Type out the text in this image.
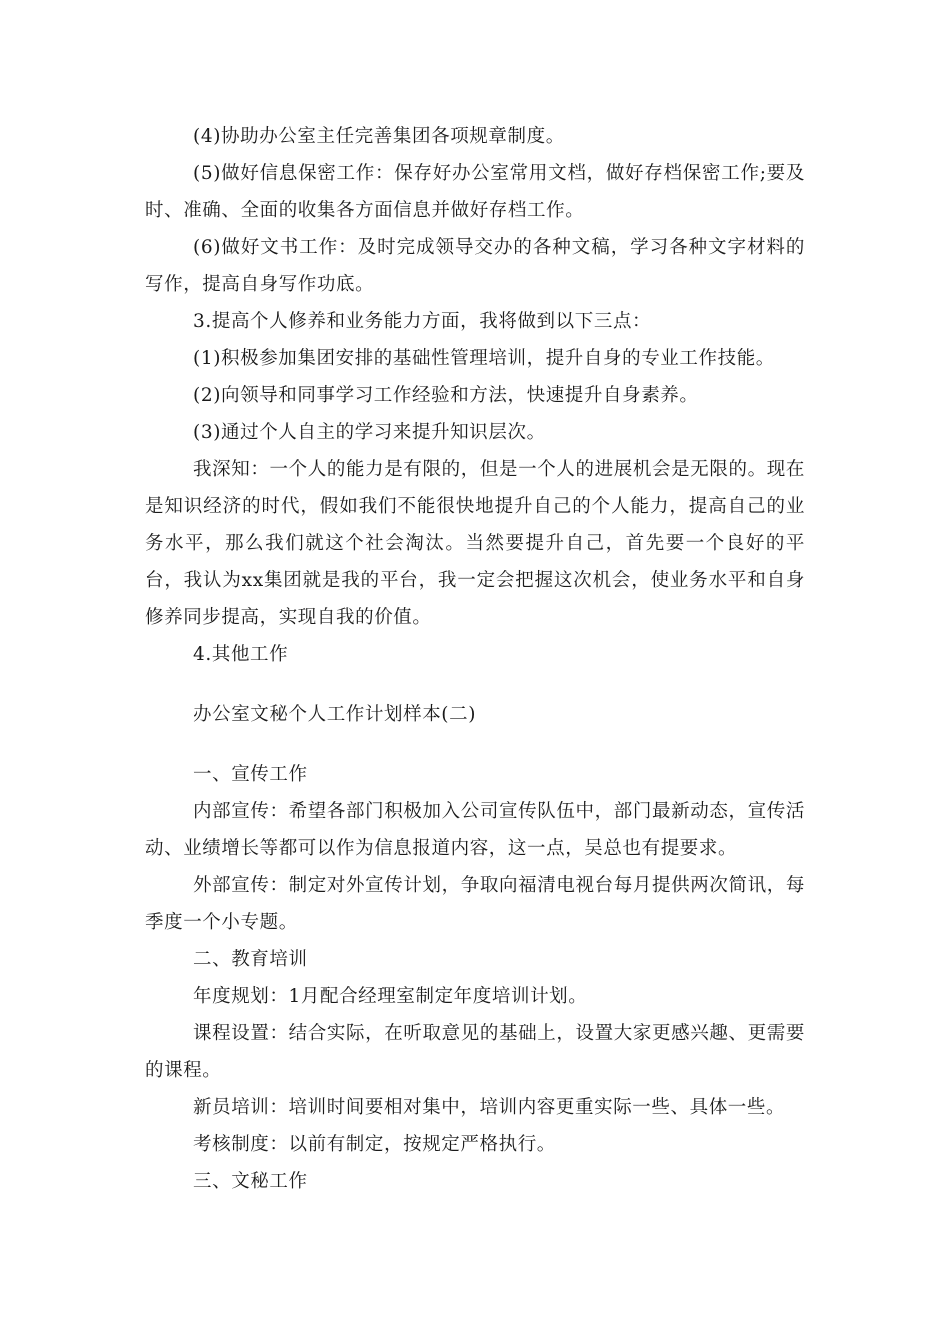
(4)协助办公室主任完善集团各项规章制度。

(5)做好信息保密工作：保存好办公室常用文档，做好存档保密工作;要及时、准确、全面的收集各方面信息并做好存档工作。

(6)做好文书工作：及时完成领导交办的各种文稿，学习各种文字材料的写作，提高自身写作功底。

3.提高个人修养和业务能力方面，我将做到以下三点：

(1)积极参加集团安排的基础性管理培训，提升自身的专业工作技能。

(2)向领导和同事学习工作经验和方法，快速提升自身素养。

(3)通过个人自主的学习来提升知识层次。

我深知：一个人的能力是有限的，但是一个人的进展机会是无限的。现在是知识经济的时代，假如我们不能很快地提升自己的个人能力，提高自己的业务水平，那么我们就这个社会淘汰。当然要提升自己，首先要一个良好的平台，我认为xx集团就是我的平台，我一定会把握这次机会，使业务水平和自身修养同步提高，实现自我的价值。

4.其他工作

办公室文秘个人工作计划样本(二)

一、宣传工作

内部宣传：希望各部门积极加入公司宣传队伍中，部门最新动态，宣传活动、业绩增长等都可以作为信息报道内容，这一点，吴总也有提要求。

外部宣传：制定对外宣传计划，争取向福清电视台每月提供两次简讯，每季度一个小专题。

二、教育培训

年度规划：1月配合经理室制定年度培训计划。

课程设置：结合实际，在听取意见的基础上，设置大家更感兴趣、更需要的课程。

新员培训：培训时间要相对集中，培训内容更重实际一些、具体一些。

考核制度：以前有制定，按规定严格执行。

三、文秘工作
